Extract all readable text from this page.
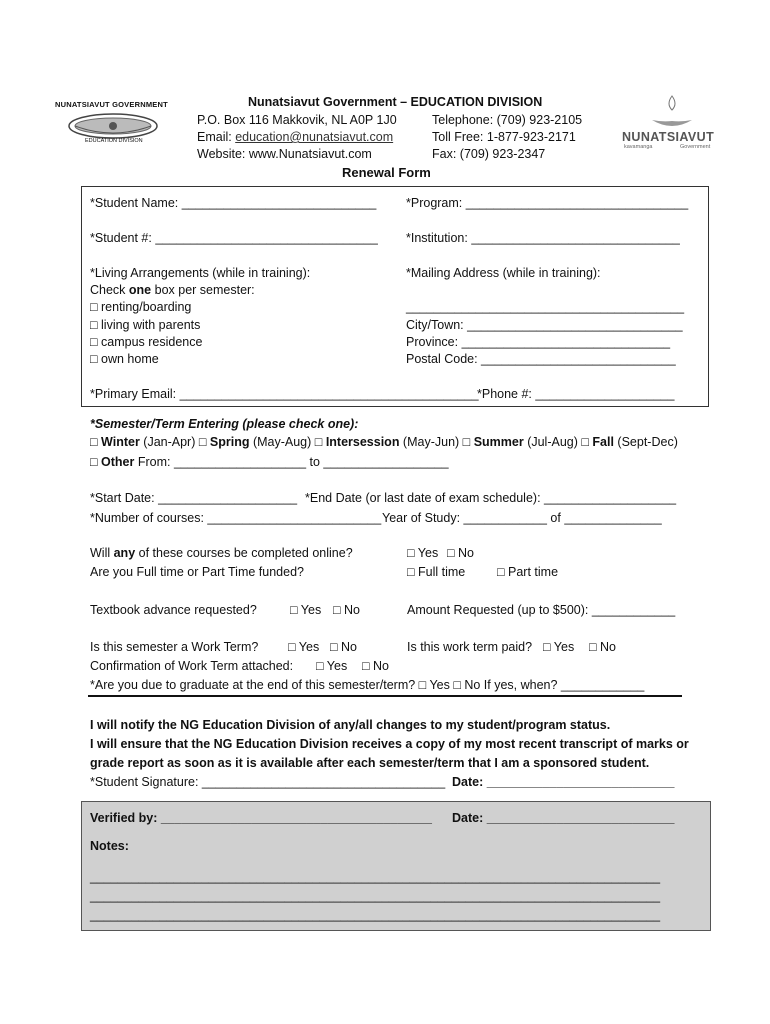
NUNATSIAVUT GOVERNMENT
EDUCATION DIVISION
Nunatsiavut Government – EDUCATION DIVISION
P.O. Box 116 Makkovik, NL A0P 1J0
Email: education@nunatsiavut.com
Website: www.Nunatsiavut.com
Telephone: (709) 923-2105
Toll Free: 1-877-923-2171
Fax: (709) 923-2347
Renewal Form
NUNATSIAVUT
kavamanga	Government
*Student Name: ____________________________ *Program: ________________________________
*Student #: ________________________________ *Institution: ______________________________
*Living Arrangements (while in training):
Check one box per semester:
□ renting/boarding
□ living with parents
□ campus residence
□ own home
*Mailing Address (while in training):
________________________________________
City/Town: _______________________________
Province: ______________________________
Postal Code: ____________________________
*Primary Email: ___________________________________________
*Phone #: ____________________
*Semester/Term Entering (please check one):
□ Winter (Jan-Apr) □ Spring (May-Aug) □ Intersession (May-Jun) □ Summer (Jul-Aug) □ Fall (Sept-Dec)
□ Other From: ___________________ to __________________
*Start Date: ____________________ *End Date (or last date of exam schedule): ___________________
*Number of courses: _________________________ Year of Study: ____________ of ______________
Will any of these courses be completed online?	□ Yes □ No
Are you Full time or Part Time funded?	□ Full time	□ Part time
Textbook advance requested?	□ Yes □ No	Amount Requested (up to $500): ____________
Is this semester a Work Term? □ Yes □ No	Is this work term paid? □ Yes □ No
Confirmation of Work Term attached: □ Yes □ No
*Are you due to graduate at the end of this semester/term? □ Yes □ No If yes, when? ____________
I will notify the NG Education Division of any/all changes to my student/program status.
I will ensure that the NG Education Division receives a copy of my most recent transcript of marks or
grade report as soon as it is available after each semester/term that I am a sponsored student.
*Student Signature: ___________________________________ Date: ___________________________
Verified by: _______________________________________ Date: ___________________________
Notes:
__________________________________________________________________________________
__________________________________________________________________________________
__________________________________________________________________________________
